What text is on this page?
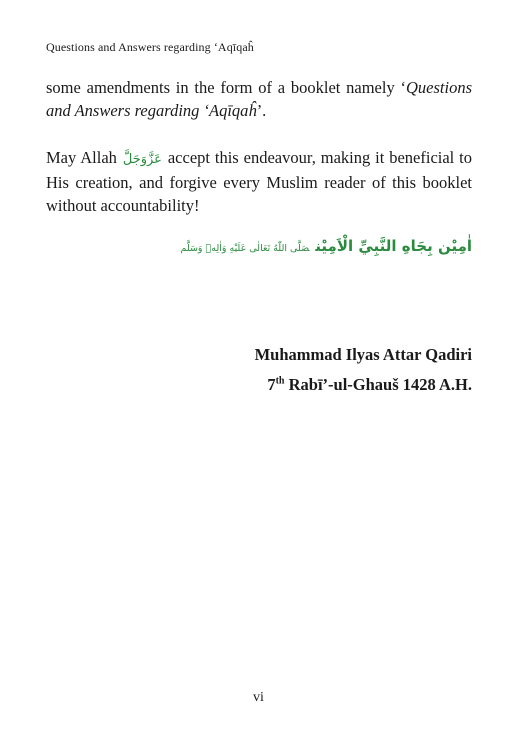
Questions and Answers regarding ‘Aqīqaĥ

some amendments in the form of a booklet namely ‘Questions and Answers regarding ‘Aqīqaĥ’.

May Allah عَزَّوَجَلَّ accept this endeavour, making it beneficial to His creation, and forgive every Muslim reader of this booklet without accountability!

اٰمِيْن بِجَاهِ النَّبِيِّ الْاَمِيْنصَلَّى اللّٰهُ تَعَالٰى عَلَيْهِ وَاٰلِهٖ وَسَلَّم
Muhammad Ilyas Attar Qadiri
7th Rabī’-ul-Ghauš 1428 A.H.
vi
